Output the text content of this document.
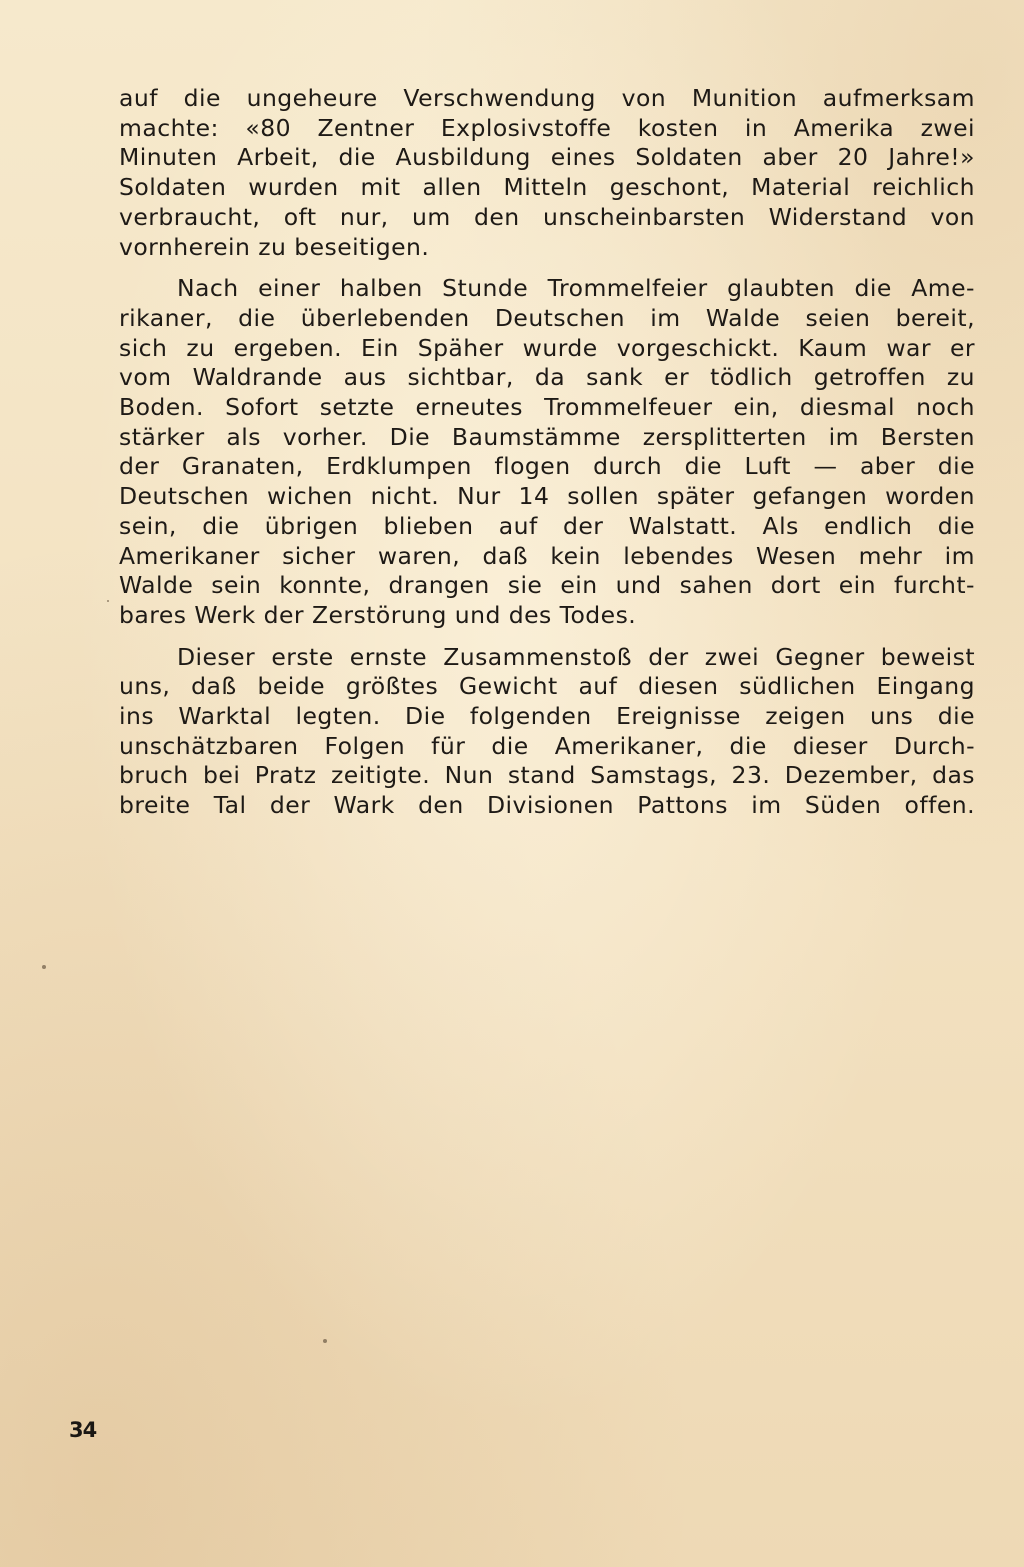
auf die ungeheure Verschwendung von Munition aufmerksam
machte: «80 Zentner Explosivstoffe kosten in Amerika zwei
Minuten Arbeit, die Ausbildung eines Soldaten aber 20 Jahre!»
Soldaten wurden mit allen Mitteln geschont, Material reichlich
verbraucht, oft nur, um den unscheinbarsten Widerstand von
vornherein zu beseitigen.
Nach einer halben Stunde Trommelfeier glaubten die Ame-
rikaner, die überlebenden Deutschen im Walde seien bereit,
sich zu ergeben. Ein Späher wurde vorgeschickt. Kaum war er
vom Waldrande aus sichtbar, da sank er tödlich getroffen zu
Boden. Sofort setzte erneutes Trommelfeuer ein, diesmal noch
stärker als vorher. Die Baumstämme zersplitterten im Bersten
der Granaten, Erdklumpen flogen durch die Luft — aber die
Deutschen wichen nicht. Nur 14 sollen später gefangen worden
sein, die übrigen blieben auf der Walstatt. Als endlich die
Amerikaner sicher waren, daß kein lebendes Wesen mehr im
Walde sein konnte, drangen sie ein und sahen dort ein furcht-
bares Werk der Zerstörung und des Todes.
Dieser erste ernste Zusammenstoß der zwei Gegner beweist
uns, daß beide größtes Gewicht auf diesen südlichen Eingang
ins Warktal legten. Die folgenden Ereignisse zeigen uns die
unschätzbaren Folgen für die Amerikaner, die dieser Durch-
bruch bei Pratz zeitigte. Nun stand Samstags, 23. Dezember, das
breite Tal der Wark den Divisionen Pattons im Süden offen.
34
